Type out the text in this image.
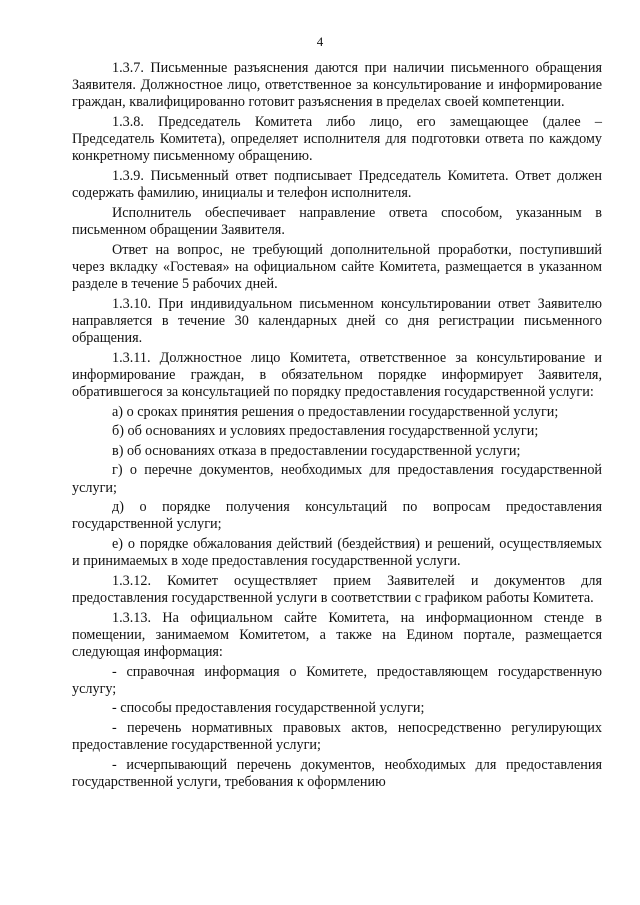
4

1.3.7. Письменные разъяснения даются при наличии письменного обращения Заявителя. Должностное лицо, ответственное за консультирование и информирование граждан, квалифицированно готовит разъяснения в пределах своей компетенции.

1.3.8. Председатель Комитета либо лицо, его замещающее (далее – Председатель Комитета), определяет исполнителя для подготовки ответа по каждому конкретному письменному обращению.

1.3.9. Письменный ответ подписывает Председатель Комитета. Ответ должен содержать фамилию, инициалы и телефон исполнителя.

Исполнитель обеспечивает направление ответа способом, указанным в письменном обращении Заявителя.

Ответ на вопрос, не требующий дополнительной проработки, поступивший через вкладку «Гостевая» на официальном сайте Комитета, размещается в указанном разделе в течение 5 рабочих дней.

1.3.10. При индивидуальном письменном консультировании ответ Заявителю направляется в течение 30 календарных дней со дня регистрации письменного обращения.

1.3.11. Должностное лицо Комитета, ответственное за консультирование и информирование граждан, в обязательном порядке информирует Заявителя, обратившегося за консультацией по порядку предоставления государственной услуги:

а) о сроках принятия решения о предоставлении государственной услуги;

б) об основаниях и условиях предоставления государственной услуги;

в) об основаниях отказа в предоставлении государственной услуги;

г) о перечне документов, необходимых для предоставления государственной услуги;

д) о порядке получения консультаций по вопросам предоставления государственной услуги;

е) о порядке обжалования действий (бездействия) и решений, осуществляемых и принимаемых в ходе предоставления государственной услуги.

1.3.12. Комитет осуществляет прием Заявителей и документов для предоставления государственной услуги в соответствии с графиком работы Комитета.

1.3.13. На официальном сайте Комитета, на информационном стенде в помещении, занимаемом Комитетом, а также на Едином портале, размещается следующая информация:

- справочная информация о Комитете, предоставляющем государственную услугу;

- способы предоставления государственной услуги;

- перечень нормативных правовых актов, непосредственно регулирующих предоставление государственной услуги;

- исчерпывающий перечень документов, необходимых для предоставления государственной услуги, требования к оформлению
